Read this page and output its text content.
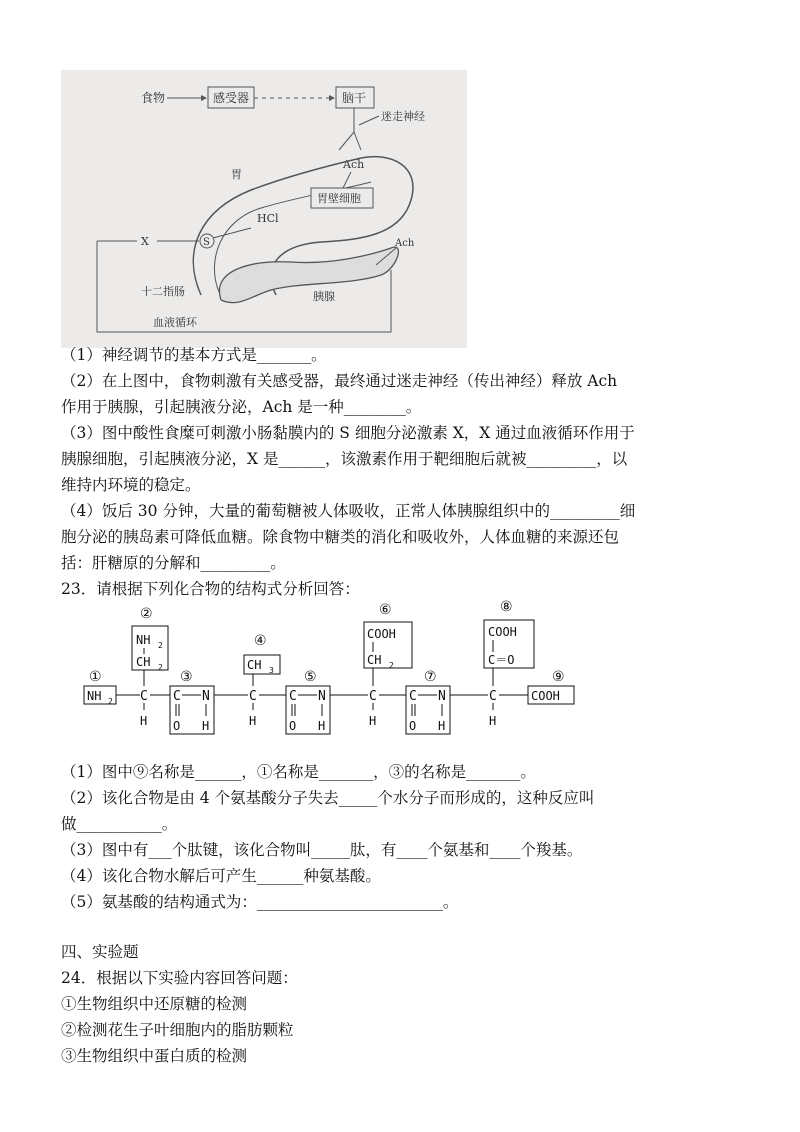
食物	感受器	脑干
迷走神经
Ach
胃
胃壁细胞
HCl
S
X
十二指肠
Ach
胰腺
血液循环
（1）神经调节的基本方式是_______。
（2）在上图中，食物刺激有关感受器，最终通过迷走神经（传出神经）释放 Ach
作用于胰腺，引起胰液分泌，Ach 是一种________。
（3）图中酸性食糜可刺激小肠黏膜内的 S 细胞分泌激素 X，X 通过血液循环作用于
胰腺细胞，引起胰液分泌，X 是______，该激素作用于靶细胞后就被_________，以
维持内环境的稳定。
（4）饭后 30 分钟，大量的葡萄糖被人体吸收，正常人体胰腺组织中的_________细
胞分泌的胰岛素可降低血糖。除食物中糖类的消化和吸收外，人体血糖的来源还包
括：肝糖原的分解和_________。
23．请根据下列化合物的结构式分析回答：
①
NH 2 C
H
②
NH 2
CH 2
③
C N
O H
C
H
④
CH 3 ⑤
C N
O H
C
H
⑥
COOH
CH 2
⑦
C N
O H
C
H
⑧
COOH
C＝O
⑨
COOH
（1）图中⑨名称是______，①名称是_______，③的名称是_______。
（2）该化合物是由 4 个氨基酸分子失去_____个水分子而形成的，这种反应叫
做___________。
（3）图中有___个肽键，该化合物叫_____肽，有____个氨基和____个羧基。
（4）该化合物水解后可产生______种氨基酸。
（5）氨基酸的结构通式为：________________________。
四、实验题
24．根据以下实验内容回答问题：
①生物组织中还原糖的检测
②检测花生子叶细胞内的脂肪颗粒
③生物组织中蛋白质的检测
